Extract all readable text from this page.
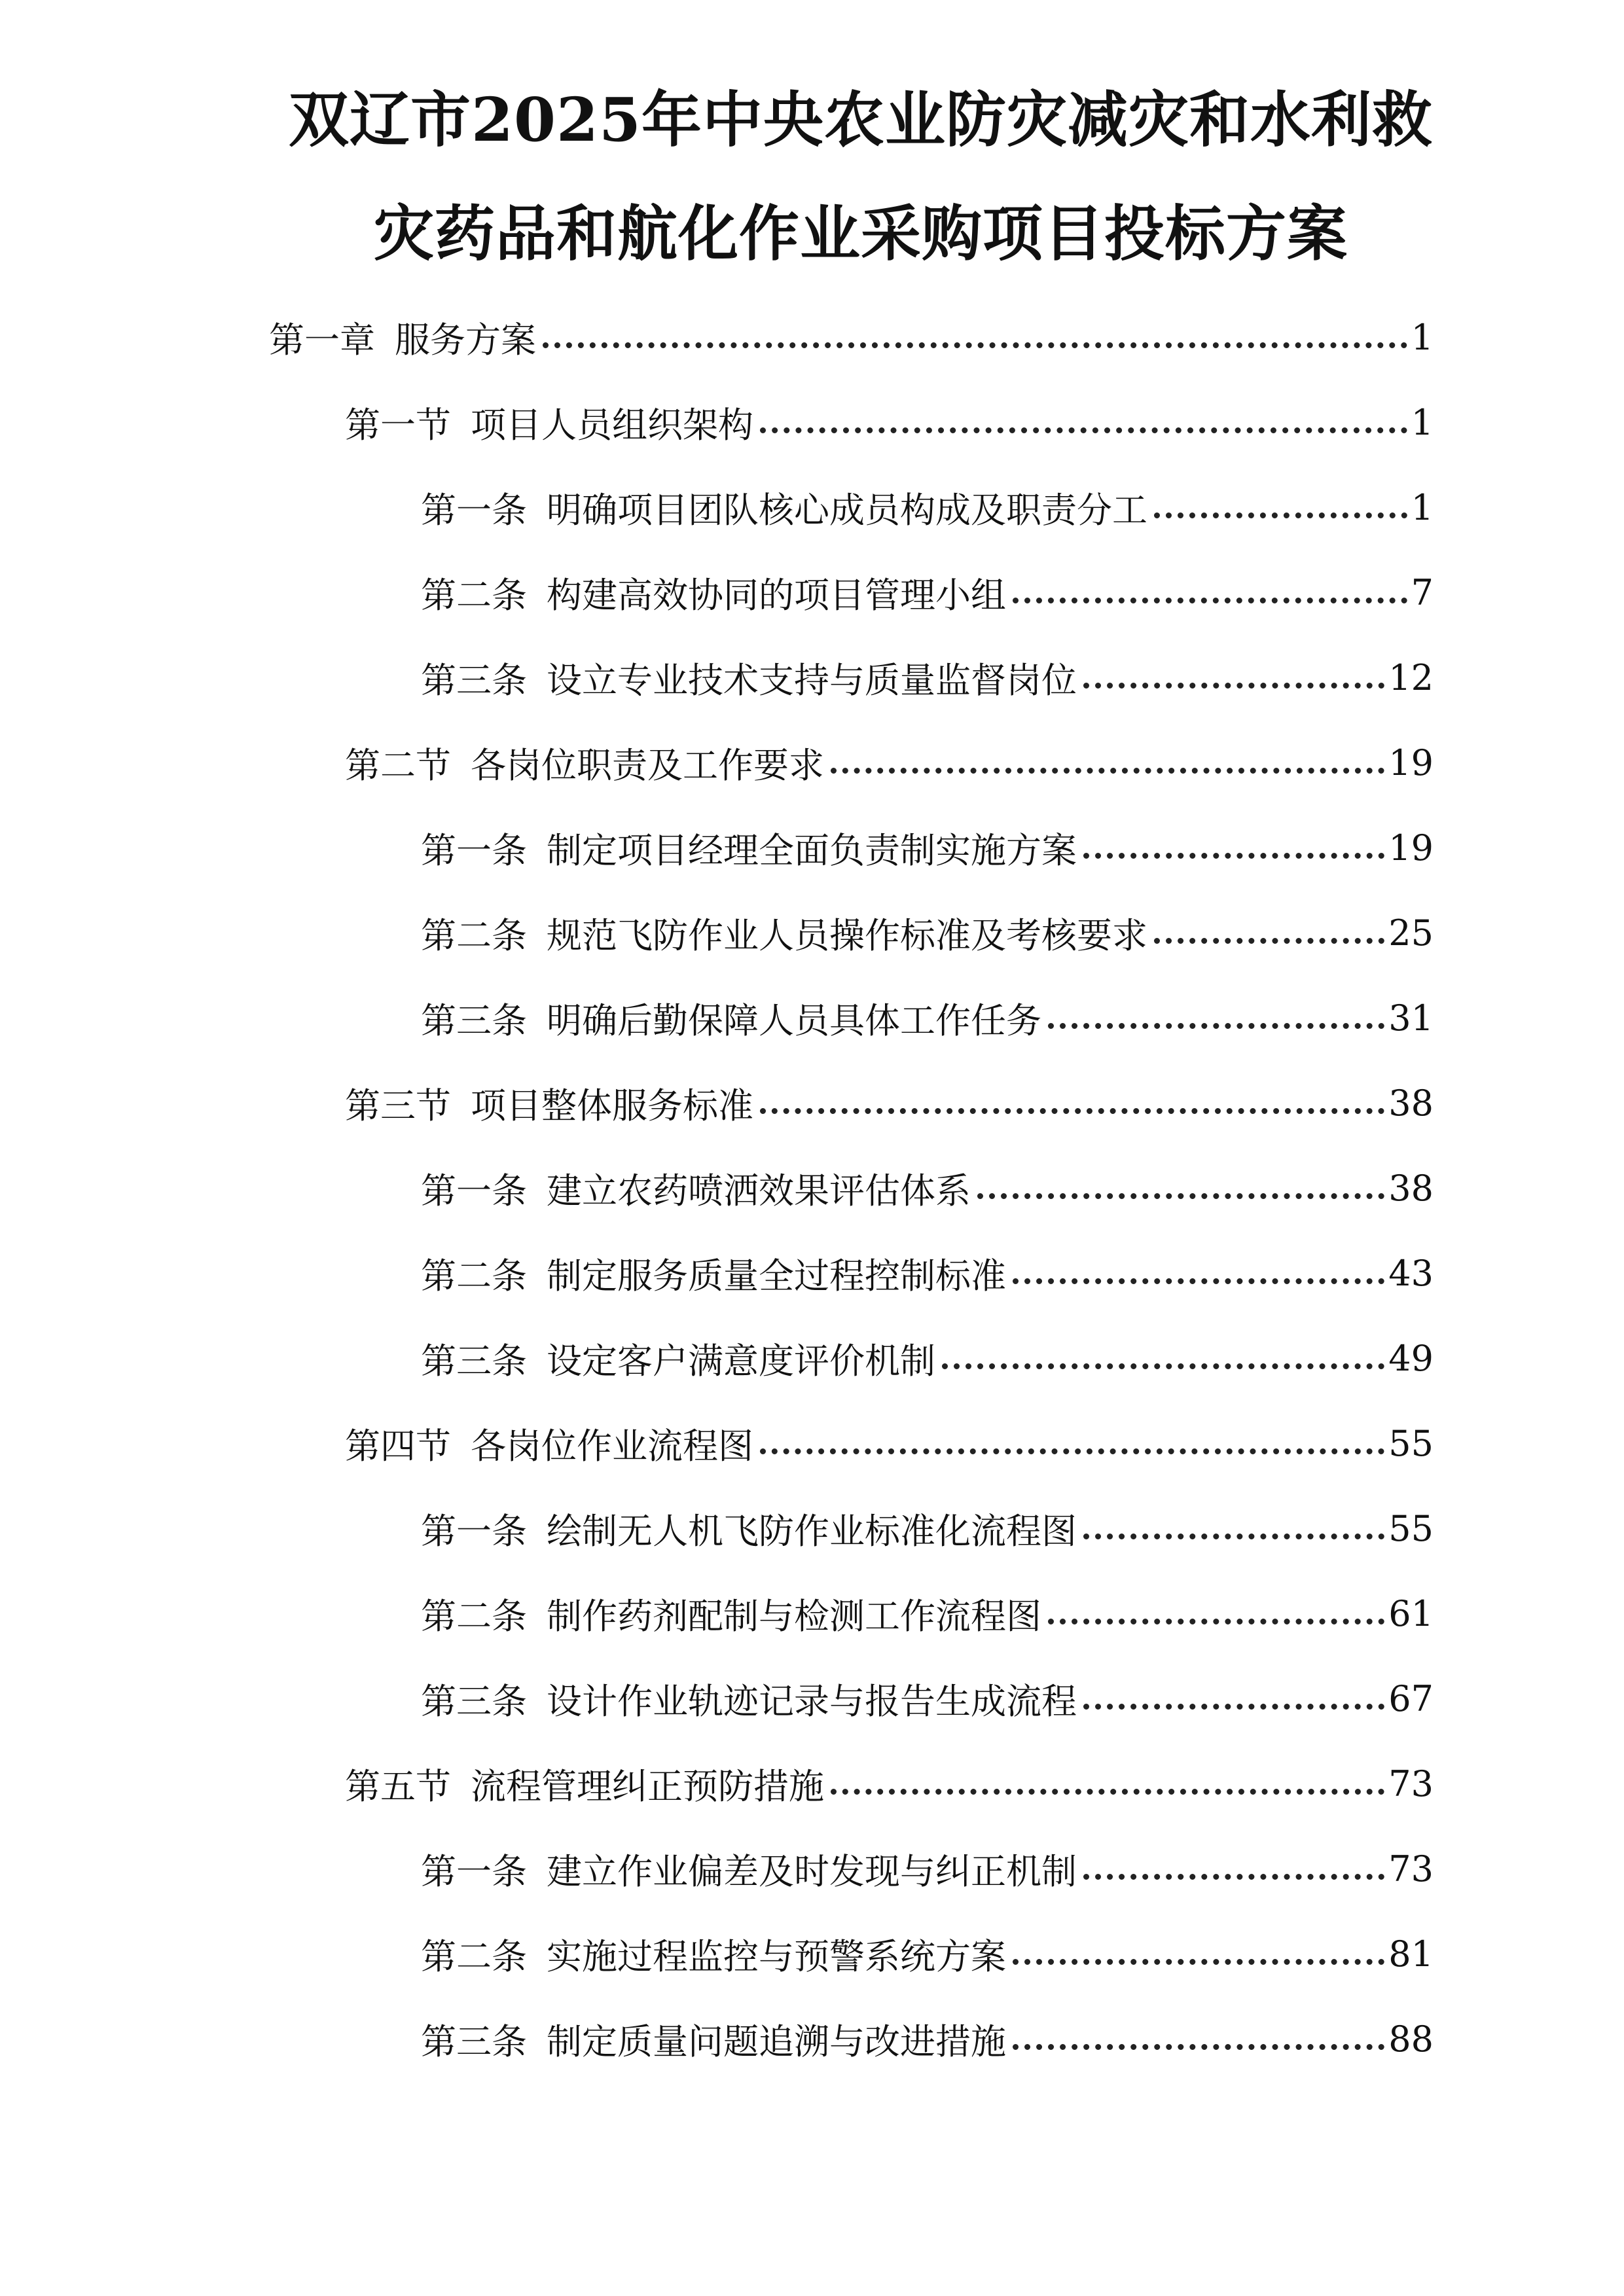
双辽市2025年中央农业防灾减灾和水利救
灾药品和航化作业采购项目投标方案
第一章 服务方案	1
第一节 项目人员组织架构	1
第一条 明确项目团队核心成员构成及职责分工	1
第二条 构建高效协同的项目管理小组	7
第三条 设立专业技术支持与质量监督岗位	12
第二节 各岗位职责及工作要求	19
第一条 制定项目经理全面负责制实施方案	19
第二条 规范飞防作业人员操作标准及考核要求	25
第三条 明确后勤保障人员具体工作任务	31
第三节 项目整体服务标准	38
第一条 建立农药喷洒效果评估体系	38
第二条 制定服务质量全过程控制标准	43
第三条 设定客户满意度评价机制	49
第四节 各岗位作业流程图	55
第一条 绘制无人机飞防作业标准化流程图	55
第二条 制作药剂配制与检测工作流程图	61
第三条 设计作业轨迹记录与报告生成流程	67
第五节 流程管理纠正预防措施	73
第一条 建立作业偏差及时发现与纠正机制	73
第二条 实施过程监控与预警系统方案	81
第三条 制定质量问题追溯与改进措施	88
